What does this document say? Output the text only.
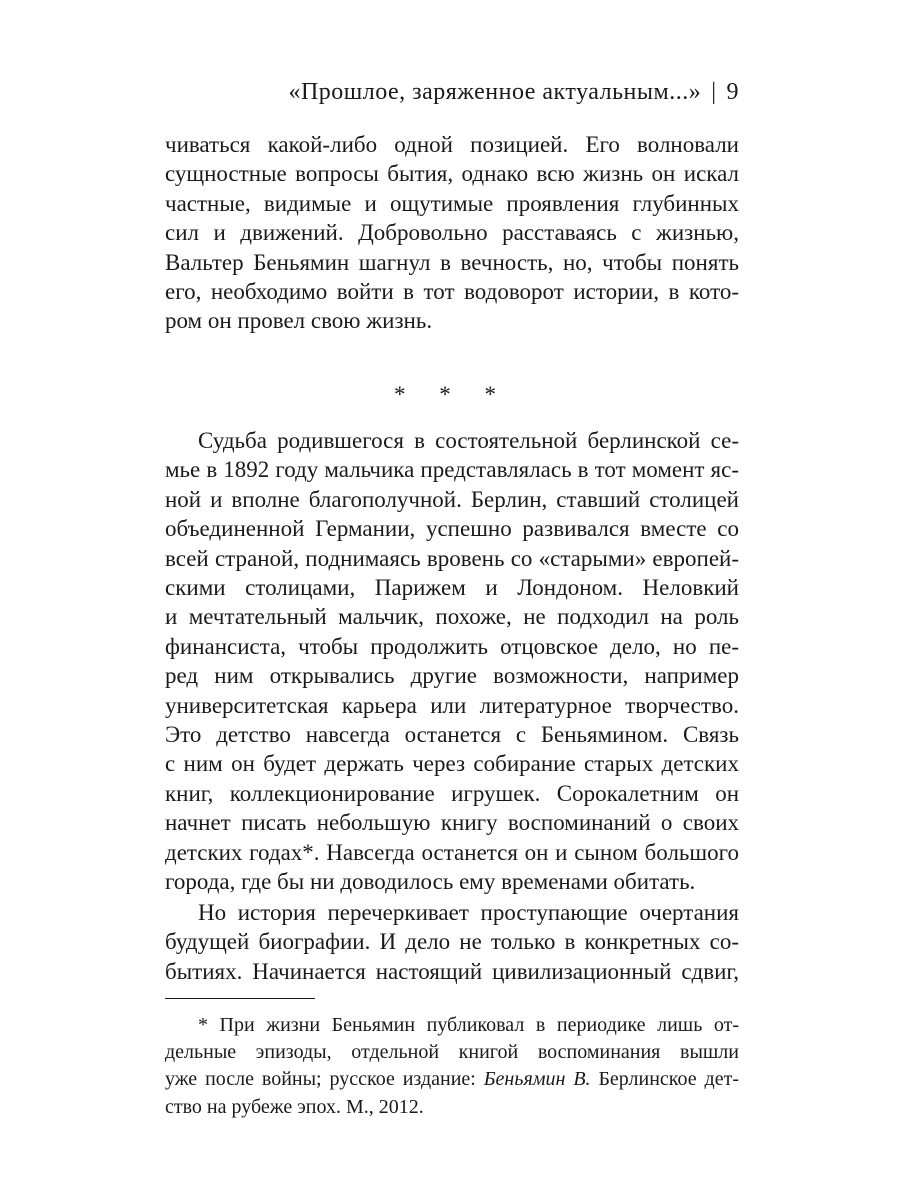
«Прошлое, заряженное актуальным...» | 9
чиваться какой-либо одной позицией. Его волновали
сущностные вопросы бытия, однако всю жизнь он искал
частные, видимые и ощутимые проявления глубинных
сил и движений. Добровольно расставаясь с жизнью,
Вальтер Беньямин шагнул в вечность, но, чтобы понять
его, необходимо войти в тот водоворот истории, в кото-
ром он провел свою жизнь.
* * *
Судьба родившегося в состоятельной берлинской се-
мье в 1892 году мальчика представлялась в тот момент яс-
ной и вполне благополучной. Берлин, ставший столицей
объединенной Германии, успешно развивался вместе со
всей страной, поднимаясь вровень со «старыми» европей-
скими столицами, Парижем и Лондоном. Неловкий
и мечтательный мальчик, похоже, не подходил на роль
финансиста, чтобы продолжить отцовское дело, но пе-
ред ним открывались другие возможности, например
университетская карьера или литературное творчество.
Это детство навсегда останется с Беньямином. Связь
с ним он будет держать через собирание старых детских
книг, коллекционирование игрушек. Сорокалетним он
начнет писать небольшую книгу воспоминаний о своих
детских годах*. Навсегда останется он и сыном большого
города, где бы ни доводилось ему временами обитать.
Но история перечеркивает проступающие очертания
будущей биографии. И дело не только в конкретных со-
бытиях. Начинается настоящий цивилизационный сдвиг,
* При жизни Беньямин публиковал в периодике лишь от-
дельные эпизоды, отдельной книгой воспоминания вышли
уже после войны; русское издание: Беньямин В. Берлинское дет-
ство на рубеже эпох. М., 2012.
